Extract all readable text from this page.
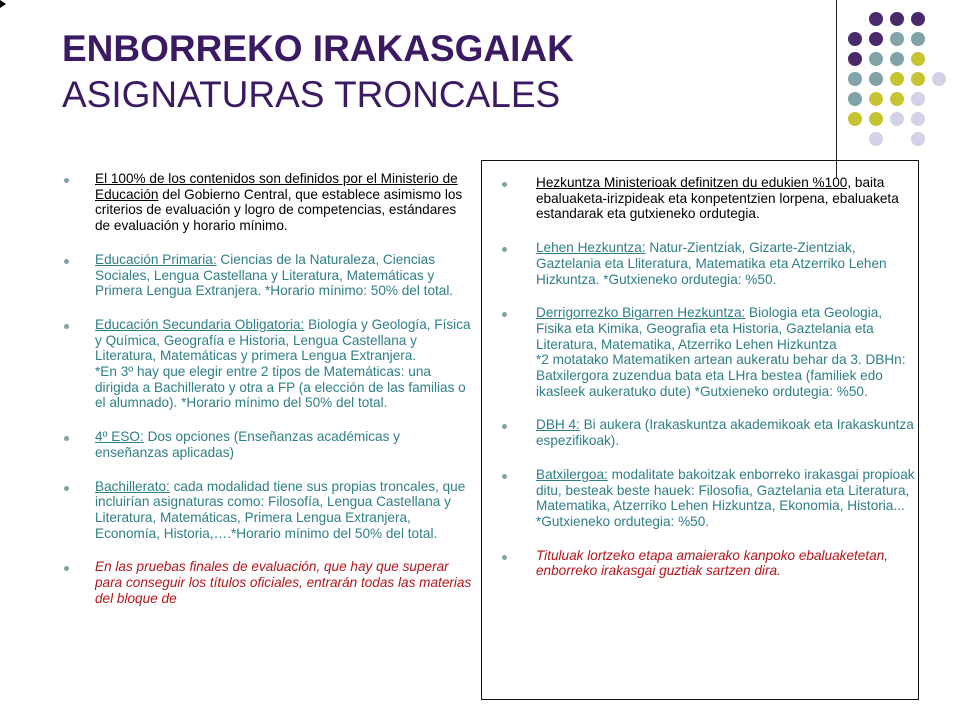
ENBORREKO IRAKASGAIAK
ASIGNATURAS TRONCALES
El 100% de los contenidos son definidos por el Ministerio de Educación del Gobierno Central, que establece asimismo los criterios de evaluación y logro de competencias, estándares de evaluación y horario mínimo.
Educación Primaria: Ciencias de la Naturaleza, Ciencias Sociales, Lengua Castellana y Literatura, Matemáticas y Primera Lengua Extranjera. *Horario mínimo: 50% del total.
Educación Secundaria Obligatoria: Biología y Geología, Física y Química, Geografía e Historia, Lengua Castellana y Literatura, Matemáticas y primera Lengua Extranjera.
*En 3º hay que elegir entre 2 tipos de Matemáticas: una dirigida a Bachillerato y otra a FP (a elección de las familias o el alumnado). *Horario mínimo del 50% del total.
4º ESO: Dos opciones (Enseñanzas académicas y enseñanzas aplicadas)
Bachillerato: cada modalidad tiene sus propias troncales, que incluirían asignaturas como: Filosofía, Lengua Castellana y Literatura, Matemáticas, Primera Lengua Extranjera, Economía, Historia,….*Horario mínimo del 50% del total.
En las pruebas finales de evaluación, que hay que superar para conseguir los títulos oficiales, entrarán todas las materias del bloque de
Hezkuntza Ministerioak definitzen du edukien %100, baita ebaluaketa-irizpideak eta konpetentzien lorpena, ebaluaketa estandarak eta gutxieneko ordutegia.
Lehen Hezkuntza: Natur-Zientziak, Gizarte-Zientziak, Gaztelania eta Lliteratura, Matematika eta Atzerriko Lehen Hizkuntza. *Gutxieneko ordutegia: %50.
Derrigorrezko Bigarren Hezkuntza: Biologia eta Geologia, Fisika eta Kimika, Geografia eta Historia, Gaztelania eta Literatura, Matematika, Atzerriko Lehen Hizkuntza
*2 motatako Matematiken artean aukeratu behar da 3. DBHn: Batxilergora zuzendua bata eta LHra bestea (familiek edo ikasleek aukeratuko dute) *Gutxieneko ordutegia: %50.
DBH 4: Bi aukera (Irakaskuntza akademikoak eta Irakaskuntza espezifikoak).
Batxilergoa: modalitate bakoitzak enborreko irakasgai propioak ditu, besteak beste hauek: Filosofia, Gaztelania eta Literatura, Matematika, Atzerriko Lehen Hizkuntza, Ekonomia, Historia... *Gutxieneko ordutegia: %50.
Tituluak lortzeko etapa amaierako kanpoko ebaluaketetan, enborreko irakasgai guztiak sartzen dira.
